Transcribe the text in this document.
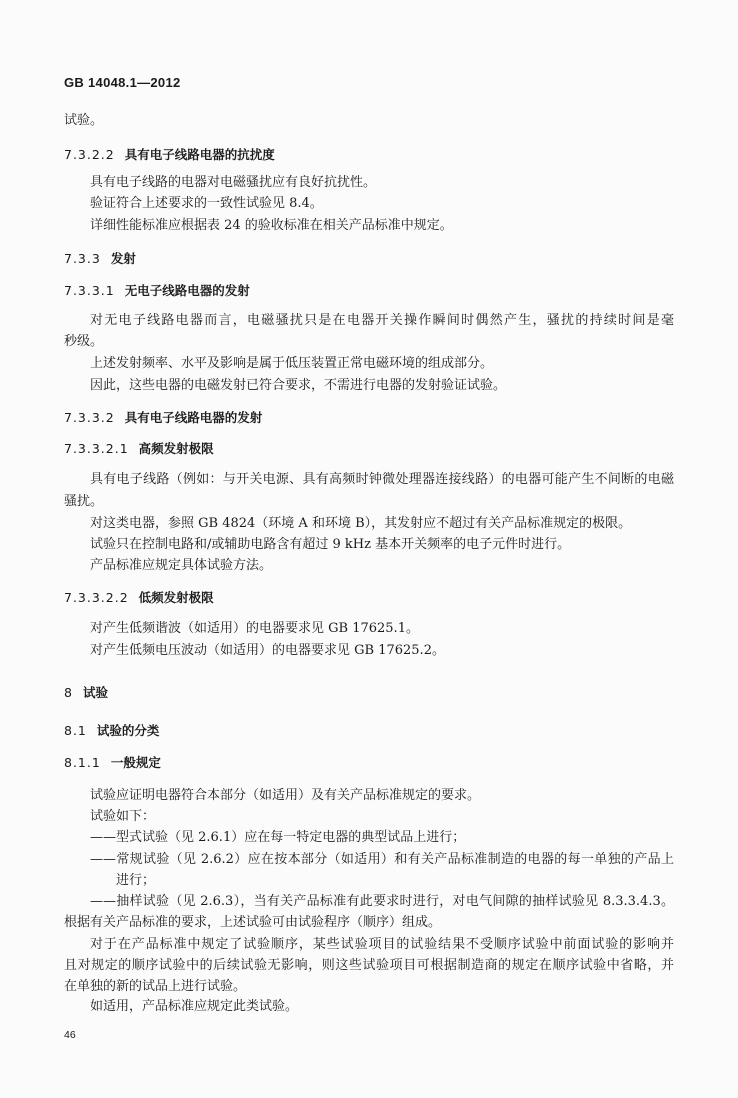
GB 14048.1—2012
试验。
7.3.2.2 具有电子线路电器的抗扰度
具有电子线路的电器对电磁骚扰应有良好抗扰性。
验证符合上述要求的一致性试验见 8.4。
详细性能标准应根据表 24 的验收标准在相关产品标准中规定。
7.3.3 发射
7.3.3.1 无电子线路电器的发射
对无电子线路电器而言，电磁骚扰只是在电器开关操作瞬间时偶然产生，骚扰的持续时间是毫
秒级。
上述发射频率、水平及影响是属于低压装置正常电磁环境的组成部分。
因此，这些电器的电磁发射已符合要求，不需进行电器的发射验证试验。
7.3.3.2 具有电子线路电器的发射
7.3.3.2.1 高频发射极限
具有电子线路（例如：与开关电源、具有高频时钟微处理器连接线路）的电器可能产生不间断的电磁
骚扰。
对这类电器，参照 GB 4824（环境 A 和环境 B），其发射应不超过有关产品标准规定的极限。
试验只在控制电路和/或辅助电路含有超过 9 kHz 基本开关频率的电子元件时进行。
产品标准应规定具体试验方法。
7.3.3.2.2 低频发射极限
对产生低频谐波（如适用）的电器要求见 GB 17625.1。
对产生低频电压波动（如适用）的电器要求见 GB 17625.2。
8 试验
8.1 试验的分类
8.1.1 一般规定
试验应证明电器符合本部分（如适用）及有关产品标准规定的要求。
试验如下：
——型式试验（见 2.6.1）应在每一特定电器的典型试品上进行；
——常规试验（见 2.6.2）应在按本部分（如适用）和有关产品标准制造的电器的每一单独的产品上
进行；
——抽样试验（见 2.6.3），当有关产品标准有此要求时进行，对电气间隙的抽样试验见 8.3.3.4.3。
根据有关产品标准的要求，上述试验可由试验程序（顺序）组成。
对于在产品标准中规定了试验顺序，某些试验项目的试验结果不受顺序试验中前面试验的影响并
且对规定的顺序试验中的后续试验无影响，则这些试验项目可根据制造商的规定在顺序试验中省略，并
在单独的新的试品上进行试验。
如适用，产品标准应规定此类试验。
46
